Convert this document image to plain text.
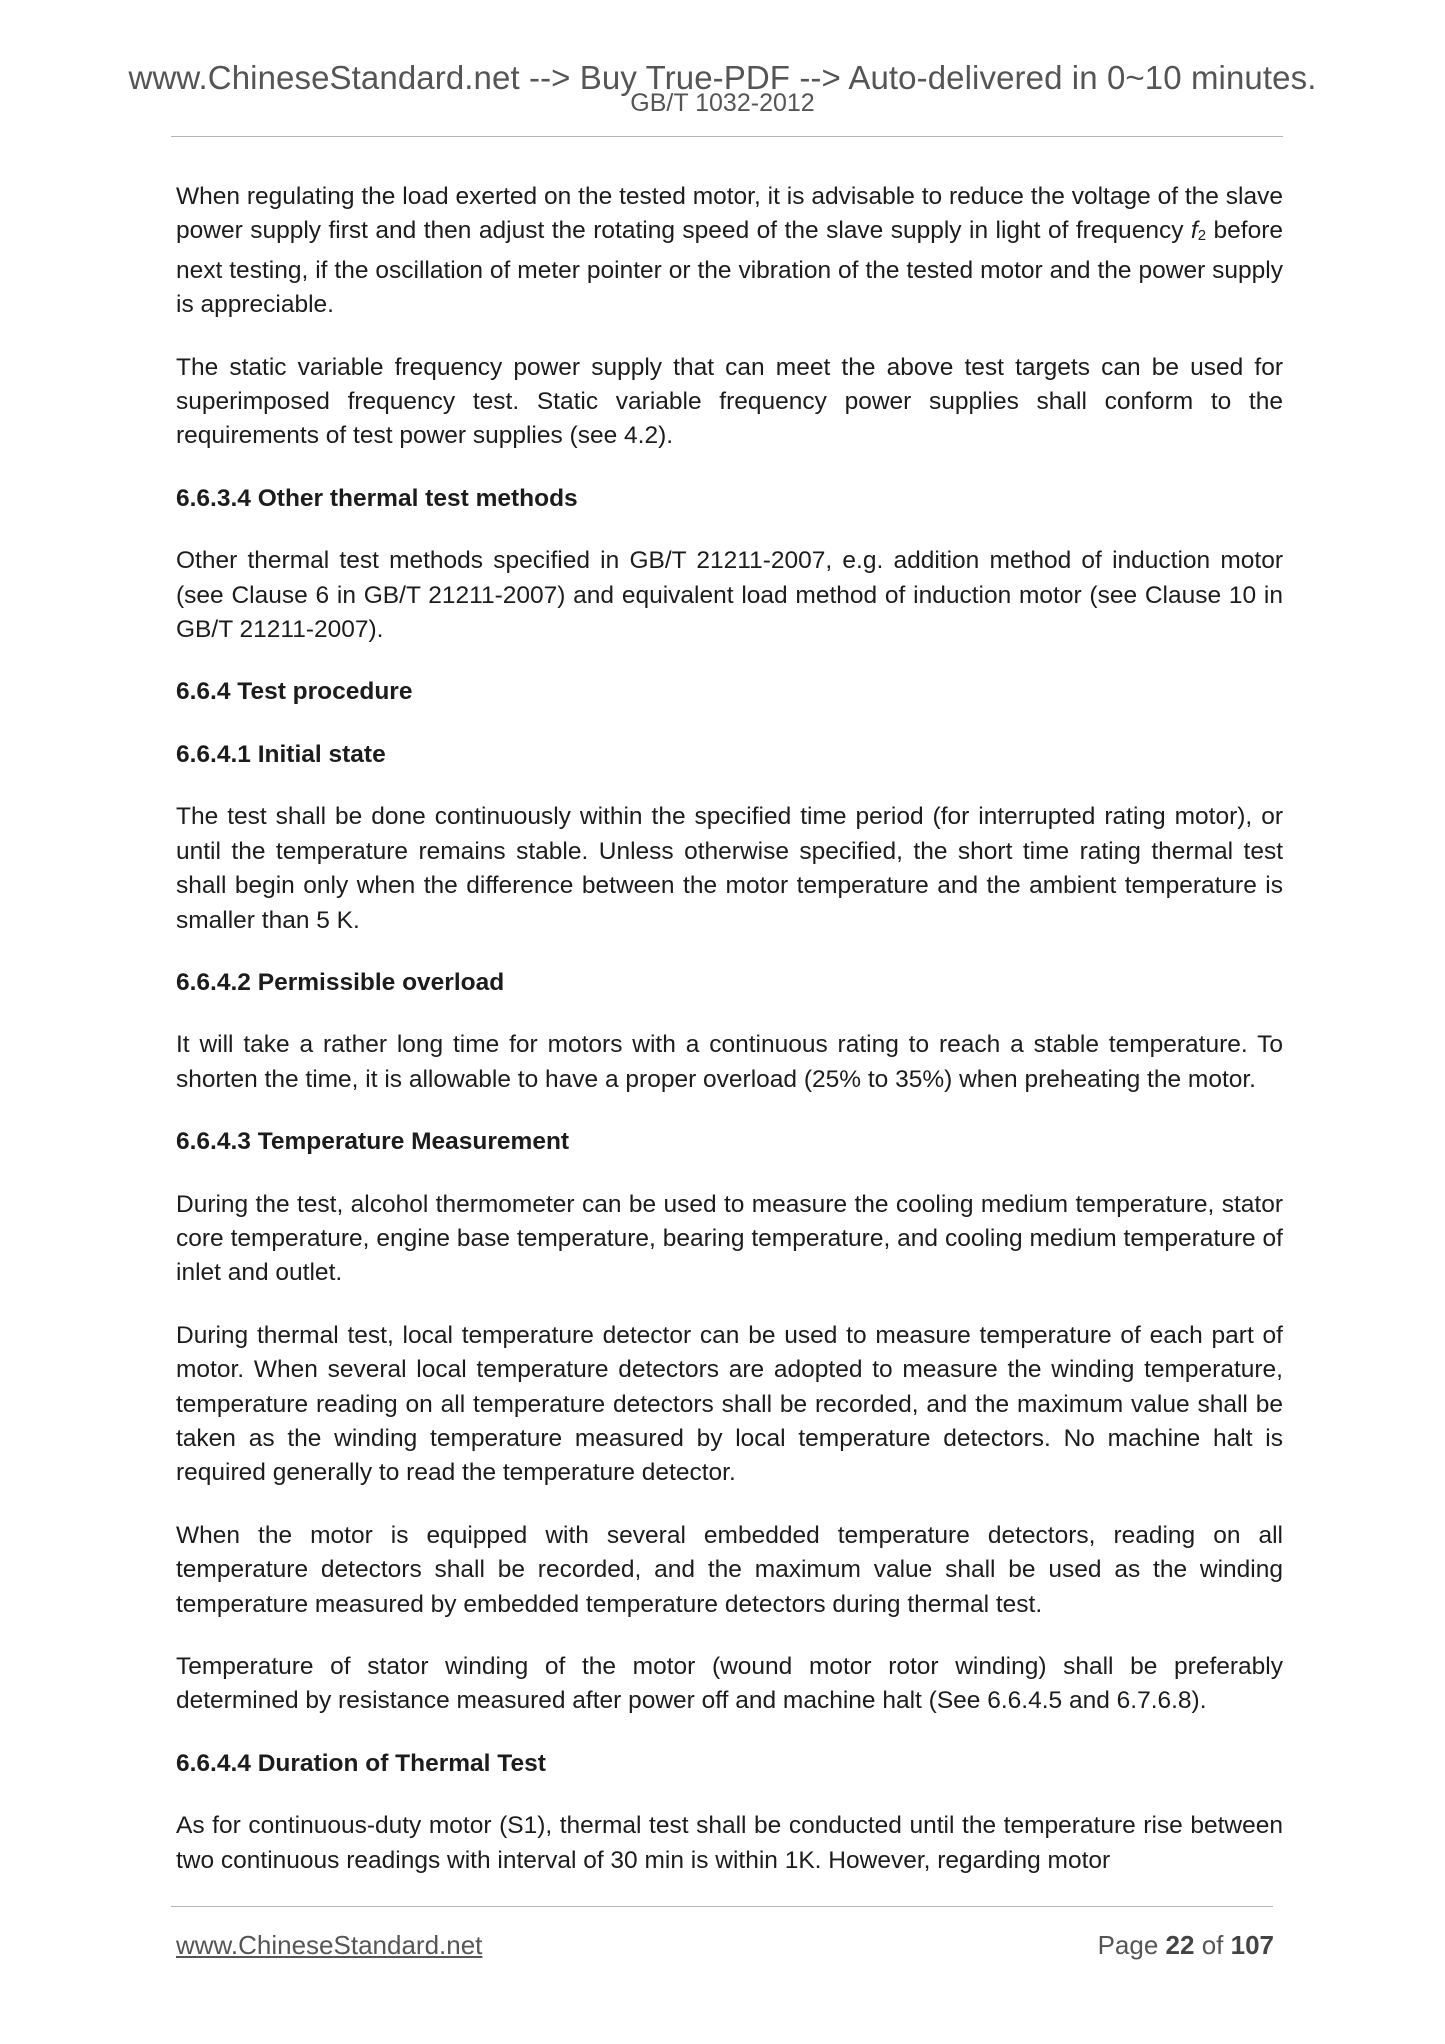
www.ChineseStandard.net --> Buy True-PDF --> Auto-delivered in 0~10 minutes.
GB/T 1032-2012

When regulating the load exerted on the tested motor, it is advisable to reduce the voltage of the slave power supply first and then adjust the rotating speed of the slave supply in light of frequency f2 before next testing, if the oscillation of meter pointer or the vibration of the tested motor and the power supply is appreciable.

The static variable frequency power supply that can meet the above test targets can be used for superimposed frequency test. Static variable frequency power supplies shall conform to the requirements of test power supplies (see 4.2).

6.6.3.4 Other thermal test methods

Other thermal test methods specified in GB/T 21211-2007, e.g. addition method of induction motor (see Clause 6 in GB/T 21211-2007) and equivalent load method of induction motor (see Clause 10 in GB/T 21211-2007).

6.6.4 Test procedure
6.6.4.1 Initial state

The test shall be done continuously within the specified time period (for interrupted rating motor), or until the temperature remains stable. Unless otherwise specified, the short time rating thermal test shall begin only when the difference between the motor temperature and the ambient temperature is smaller than 5 K.

6.6.4.2 Permissible overload

It will take a rather long time for motors with a continuous rating to reach a stable temperature. To shorten the time, it is allowable to have a proper overload (25% to 35%) when preheating the motor.

6.6.4.3 Temperature Measurement

During the test, alcohol thermometer can be used to measure the cooling medium temperature, stator core temperature, engine base temperature, bearing temperature, and cooling medium temperature of inlet and outlet.

During thermal test, local temperature detector can be used to measure temperature of each part of motor. When several local temperature detectors are adopted to measure the winding temperature, temperature reading on all temperature detectors shall be recorded, and the maximum value shall be taken as the winding temperature measured by local temperature detectors. No machine halt is required generally to read the temperature detector.

When the motor is equipped with several embedded temperature detectors, reading on all temperature detectors shall be recorded, and the maximum value shall be used as the winding temperature measured by embedded temperature detectors during thermal test.

Temperature of stator winding of the motor (wound motor rotor winding) shall be preferably determined by resistance measured after power off and machine halt (See 6.6.4.5 and 6.7.6.8).

6.6.4.4 Duration of Thermal Test

As for continuous-duty motor (S1), thermal test shall be conducted until the temperature rise between two continuous readings with interval of 30 min is within 1K. However, regarding motor

www.ChineseStandard.net	Page 22 of 107
